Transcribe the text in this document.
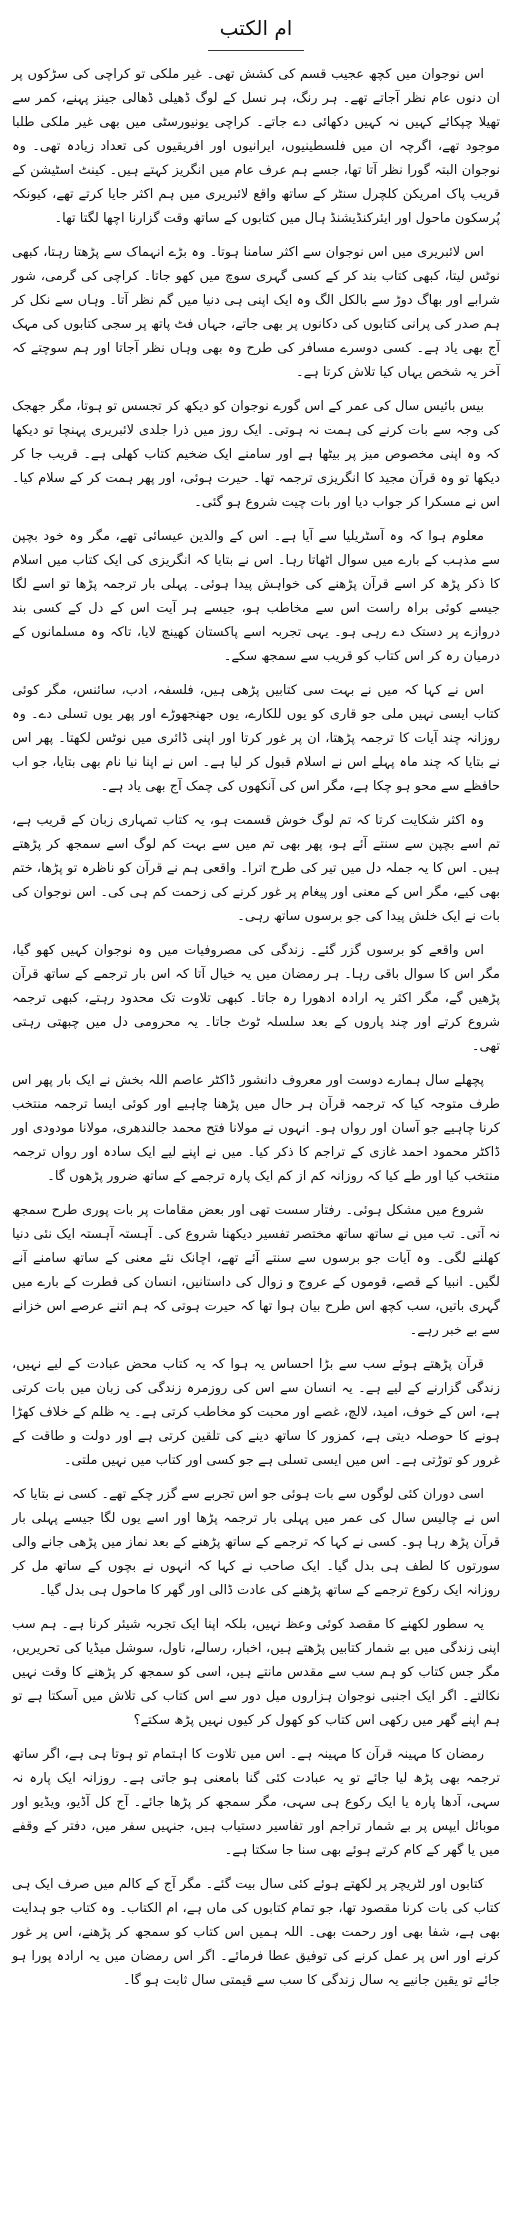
ام الکتب

اس نوجوان میں کچھ عجیب قسم کی کشش تھی۔ غیر ملکی تو کراچی کی سڑکوں پر ان دنوں عام نظر آجاتے تھے۔ ہر رنگ، ہر نسل کے لوگ ڈھیلی ڈھالی جینز پہنے، کمر سے تھیلا چپکائے کہیں نہ کہیں دکھائی دے جاتے۔ کراچی یونیورسٹی میں بھی غیر ملکی طلبا موجود تھے، اگرچہ ان میں فلسطینیوں، ایرانیوں اور افریقیوں کی تعداد زیادہ تھی۔ وہ نوجوان البتہ گورا نظر آتا تھا، جسے ہم عرف عام میں انگریز کہتے ہیں۔ کینٹ اسٹیشن کے قریب پاک امریکن کلچرل سنٹر کے ساتھ واقع لائبریری میں ہم اکثر جایا کرتے تھے، کیونکہ پُرسکون ماحول اور ایئرکنڈیشنڈ ہال میں کتابوں کے ساتھ وقت گزارنا اچھا لگتا تھا۔

اس لائبریری میں اس نوجوان سے اکثر سامنا ہوتا۔ وہ بڑے انہماک سے پڑھتا رہتا، کبھی نوٹس لیتا، کبھی کتاب بند کر کے کسی گہری سوچ میں کھو جاتا۔ کراچی کی گرمی، شور شرابے اور بھاگ دوڑ سے بالکل الگ وہ ایک اپنی ہی دنیا میں گم نظر آتا۔ وہاں سے نکل کر ہم صدر کی پرانی کتابوں کی دکانوں پر بھی جاتے، جہاں فٹ پاتھ پر سجی کتابوں کی مہک آج بھی یاد ہے۔ کسی دوسرے مسافر کی طرح وہ بھی وہاں نظر آجاتا اور ہم سوچتے کہ آخر یہ شخص یہاں کیا تلاش کرتا ہے۔

بیس بائیس سال کی عمر کے اس گورے نوجوان کو دیکھ کر تجسس تو ہوتا، مگر جھجک کی وجہ سے بات کرنے کی ہمت نہ ہوتی۔ ایک روز میں ذرا جلدی لائبریری پہنچا تو دیکھا کہ وہ اپنی مخصوص میز پر بیٹھا ہے اور سامنے ایک ضخیم کتاب کھلی ہے۔ قریب جا کر دیکھا تو وہ قرآن مجید کا انگریزی ترجمہ تھا۔ حیرت ہوئی، اور پھر ہمت کر کے سلام کیا۔ اس نے مسکرا کر جواب دیا اور بات چیت شروع ہو گئی۔

معلوم ہوا کہ وہ آسٹریلیا سے آیا ہے۔ اس کے والدین عیسائی تھے، مگر وہ خود بچپن سے مذہب کے بارے میں سوال اٹھاتا رہا۔ اس نے بتایا کہ انگریزی کی ایک کتاب میں اسلام کا ذکر پڑھ کر اسے قرآن پڑھنے کی خواہش پیدا ہوئی۔ پہلی بار ترجمہ پڑھا تو اسے لگا جیسے کوئی براہ راست اس سے مخاطب ہو، جیسے ہر آیت اس کے دل کے کسی بند دروازے پر دستک دے رہی ہو۔ یہی تجربہ اسے پاکستان کھینچ لایا، تاکہ وہ مسلمانوں کے درمیان رہ کر اس کتاب کو قریب سے سمجھ سکے۔

اس نے کہا کہ میں نے بہت سی کتابیں پڑھی ہیں، فلسفہ، ادب، سائنس، مگر کوئی کتاب ایسی نہیں ملی جو قاری کو یوں للکارے، یوں جھنجھوڑے اور پھر یوں تسلی دے۔ وہ روزانہ چند آیات کا ترجمہ پڑھتا، ان پر غور کرتا اور اپنی ڈائری میں نوٹس لکھتا۔ پھر اس نے بتایا کہ چند ماہ پہلے اس نے اسلام قبول کر لیا ہے۔ اس نے اپنا نیا نام بھی بتایا، جو اب حافظے سے محو ہو چکا ہے، مگر اس کی آنکھوں کی چمک آج بھی یاد ہے۔

وہ اکثر شکایت کرتا کہ تم لوگ خوش قسمت ہو، یہ کتاب تمہاری زبان کے قریب ہے، تم اسے بچپن سے سنتے آئے ہو، پھر بھی تم میں سے بہت کم لوگ اسے سمجھ کر پڑھتے ہیں۔ اس کا یہ جملہ دل میں تیر کی طرح اترا۔ واقعی ہم نے قرآن کو ناظرہ تو پڑھا، ختم بھی کیے، مگر اس کے معنی اور پیغام پر غور کرنے کی زحمت کم ہی کی۔ اس نوجوان کی بات نے ایک خلش پیدا کی جو برسوں ساتھ رہی۔

اس واقعے کو برسوں گزر گئے۔ زندگی کی مصروفیات میں وہ نوجوان کہیں کھو گیا، مگر اس کا سوال باقی رہا۔ ہر رمضان میں یہ خیال آتا کہ اس بار ترجمے کے ساتھ قرآن پڑھیں گے، مگر اکثر یہ ارادہ ادھورا رہ جاتا۔ کبھی تلاوت تک محدود رہتے، کبھی ترجمہ شروع کرتے اور چند پاروں کے بعد سلسلہ ٹوٹ جاتا۔ یہ محرومی دل میں چبھتی رہتی تھی۔

پچھلے سال ہمارے دوست اور معروف دانشور ڈاکٹر عاصم اللہ بخش نے ایک بار پھر اس طرف متوجہ کیا کہ ترجمہ قرآن ہر حال میں پڑھنا چاہیے اور کوئی ایسا ترجمہ منتخب کرنا چاہیے جو آسان اور رواں ہو۔ انہوں نے مولانا فتح محمد جالندھری، مولانا مودودی اور ڈاکٹر محمود احمد غازی کے تراجم کا ذکر کیا۔ میں نے اپنے لیے ایک سادہ اور رواں ترجمہ منتخب کیا اور طے کیا کہ روزانہ کم از کم ایک پارہ ترجمے کے ساتھ ضرور پڑھوں گا۔

شروع میں مشکل ہوئی۔ رفتار سست تھی اور بعض مقامات پر بات پوری طرح سمجھ نہ آتی۔ تب میں نے ساتھ ساتھ مختصر تفسیر دیکھنا شروع کی۔ آہستہ آہستہ ایک نئی دنیا کھلنے لگی۔ وہ آیات جو برسوں سے سنتے آئے تھے، اچانک نئے معنی کے ساتھ سامنے آنے لگیں۔ انبیا کے قصے، قوموں کے عروج و زوال کی داستانیں، انسان کی فطرت کے بارے میں گہری باتیں، سب کچھ اس طرح بیان ہوا تھا کہ حیرت ہوتی کہ ہم اتنے عرصے اس خزانے سے بے خبر رہے۔

قرآن پڑھتے ہوئے سب سے بڑا احساس یہ ہوا کہ یہ کتاب محض عبادت کے لیے نہیں، زندگی گزارنے کے لیے ہے۔ یہ انسان سے اس کی روزمرہ زندگی کی زبان میں بات کرتی ہے، اس کے خوف، امید، لالچ، غصے اور محبت کو مخاطب کرتی ہے۔ یہ ظلم کے خلاف کھڑا ہونے کا حوصلہ دیتی ہے، کمزور کا ساتھ دینے کی تلقین کرتی ہے اور دولت و طاقت کے غرور کو توڑتی ہے۔ اس میں ایسی تسلی ہے جو کسی اور کتاب میں نہیں ملتی۔

اسی دوران کئی لوگوں سے بات ہوئی جو اس تجربے سے گزر چکے تھے۔ کسی نے بتایا کہ اس نے چالیس سال کی عمر میں پہلی بار ترجمہ پڑھا اور اسے یوں لگا جیسے پہلی بار قرآن پڑھ رہا ہو۔ کسی نے کہا کہ ترجمے کے ساتھ پڑھنے کے بعد نماز میں پڑھی جانے والی سورتوں کا لطف ہی بدل گیا۔ ایک صاحب نے کہا کہ انہوں نے بچوں کے ساتھ مل کر روزانہ ایک رکوع ترجمے کے ساتھ پڑھنے کی عادت ڈالی اور گھر کا ماحول ہی بدل گیا۔

یہ سطور لکھنے کا مقصد کوئی وعظ نہیں، بلکہ اپنا ایک تجربہ شیئر کرنا ہے۔ ہم سب اپنی زندگی میں بے شمار کتابیں پڑھتے ہیں، اخبار، رسالے، ناول، سوشل میڈیا کی تحریریں، مگر جس کتاب کو ہم سب سے مقدس مانتے ہیں، اسی کو سمجھ کر پڑھنے کا وقت نہیں نکالتے۔ اگر ایک اجنبی نوجوان ہزاروں میل دور سے اس کتاب کی تلاش میں آسکتا ہے تو ہم اپنے گھر میں رکھی اس کتاب کو کھول کر کیوں نہیں پڑھ سکتے؟

رمضان کا مہینہ قرآن کا مہینہ ہے۔ اس میں تلاوت کا اہتمام تو ہوتا ہی ہے، اگر ساتھ ترجمہ بھی پڑھ لیا جائے تو یہ عبادت کئی گنا بامعنی ہو جاتی ہے۔ روزانہ ایک پارہ نہ سہی، آدھا پارہ یا ایک رکوع ہی سہی، مگر سمجھ کر پڑھا جائے۔ آج کل آڈیو، ویڈیو اور موبائل ایپس پر بے شمار تراجم اور تفاسیر دستیاب ہیں، جنہیں سفر میں، دفتر کے وقفے میں یا گھر کے کام کرتے ہوئے بھی سنا جا سکتا ہے۔

کتابوں اور لٹریچر پر لکھتے ہوئے کئی سال بیت گئے۔ مگر آج کے کالم میں صرف ایک ہی کتاب کی بات کرنا مقصود تھا، جو تمام کتابوں کی ماں ہے، ام الکتاب۔ وہ کتاب جو ہدایت بھی ہے، شفا بھی اور رحمت بھی۔ اللہ ہمیں اس کتاب کو سمجھ کر پڑھنے، اس پر غور کرنے اور اس پر عمل کرنے کی توفیق عطا فرمائے۔ اگر اس رمضان میں یہ ارادہ پورا ہو جائے تو یقین جانیے یہ سال زندگی کا سب سے قیمتی سال ثابت ہو گا۔
